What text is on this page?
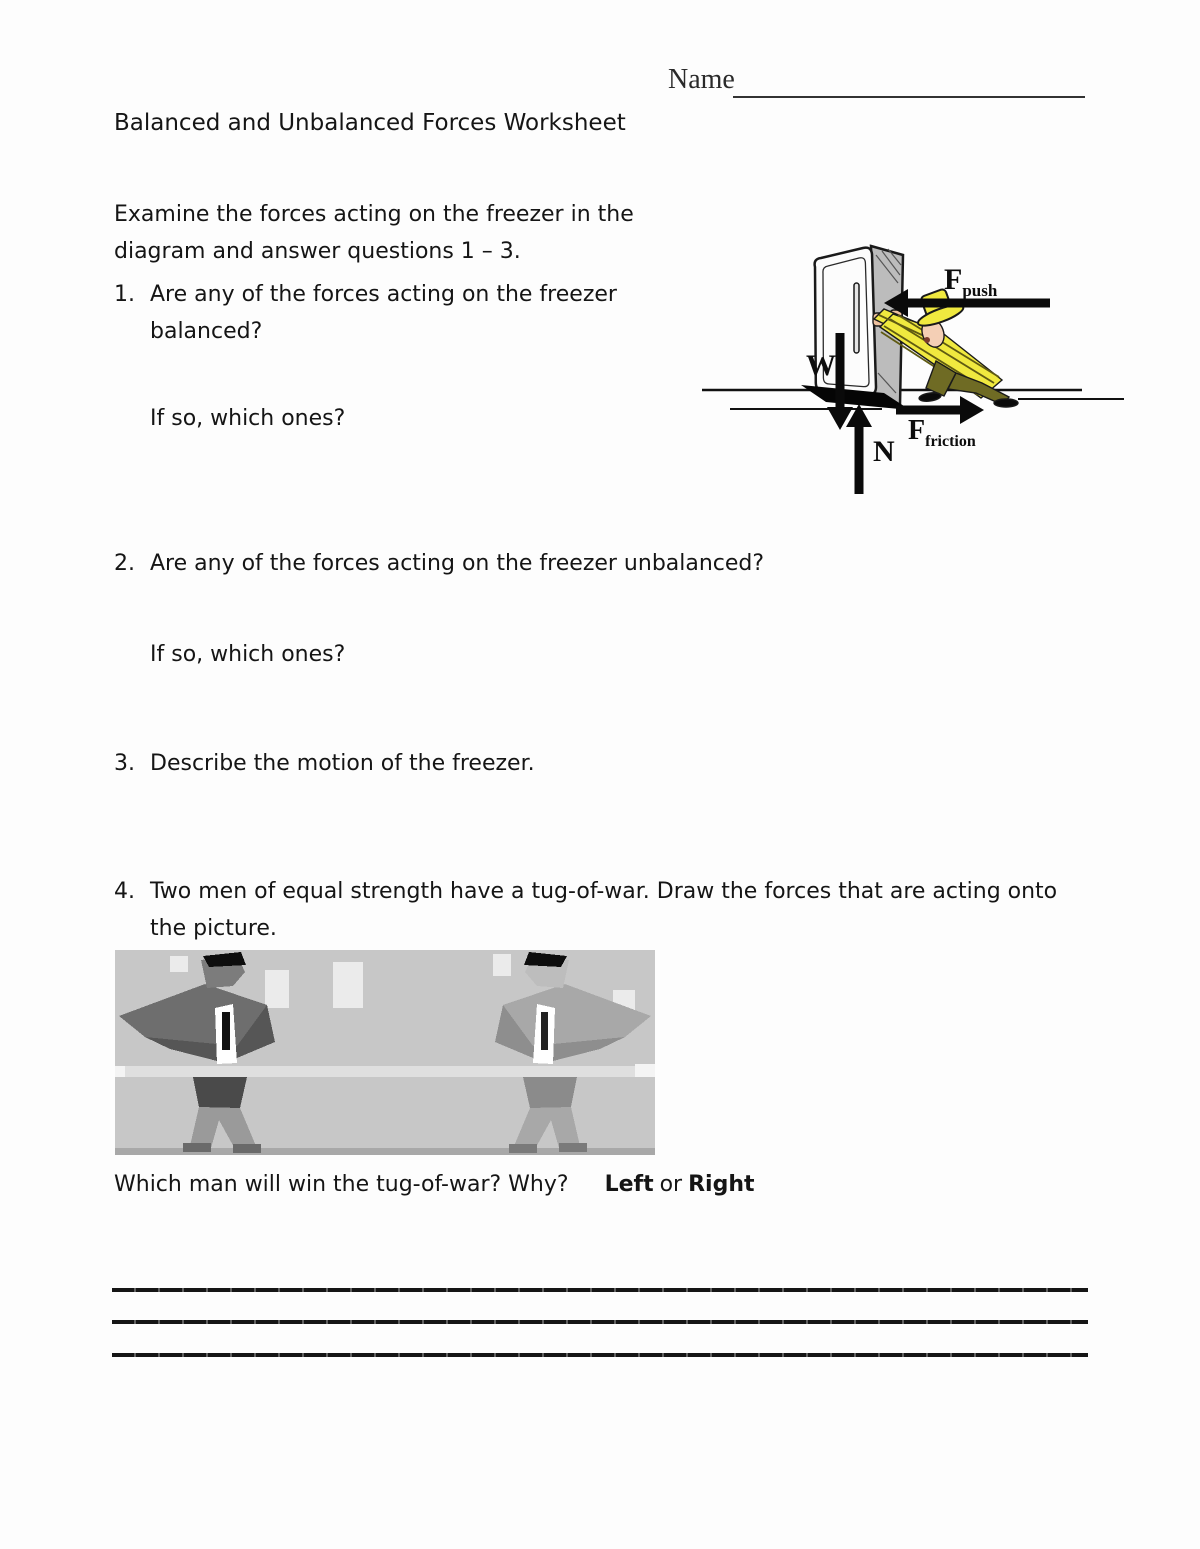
Name
Balanced and Unbalanced Forces Worksheet
Examine the forces acting on the freezer in the
diagram and answer questions 1 – 3.
$F_{push}$
W
N
$F_{friction}$
1. Are any of the forces acting on the freezer
balanced?
If so, which ones?
2. Are any of the forces acting on the freezer unbalanced?
If so, which ones?
3. Describe the motion of the freezer.
4. Two men of equal strength have a tug-of-war. Draw the forces that are acting onto
the picture.
Which man will win the tug-of-war? Why? Left or Right
